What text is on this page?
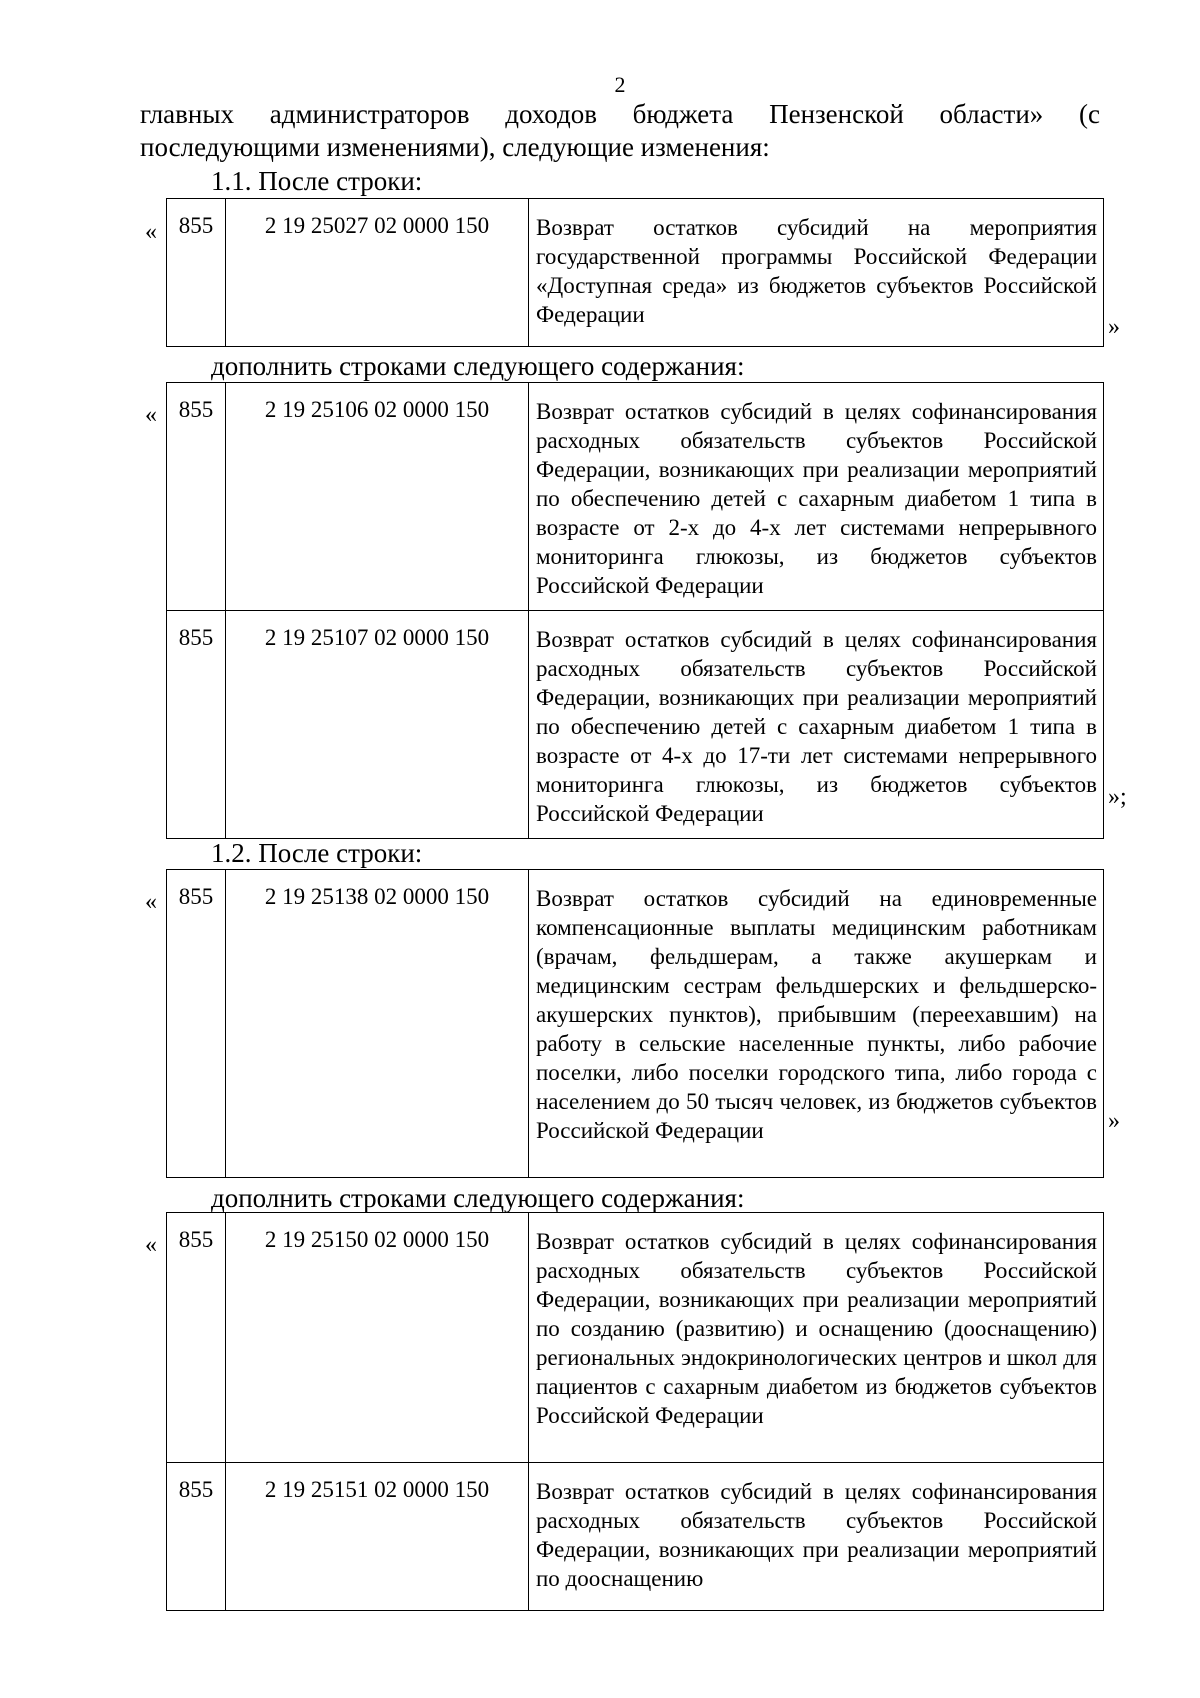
2
главных администраторов доходов бюджета Пензенской области» (с
последующими изменениями), следующие изменения:
1.1. После строки:
« 855	2 19 25027 02 0000 150	Возврат остатков субсидий на мероприятия государственной программы Российской Федерации «Доступная среда» из бюджетов субъектов Российской Федерации	»
дополнить строками следующего содержания:
« 855	2 19 25106 02 0000 150	Возврат остатков субсидий в целях софинансирования расходных обязательств субъектов Российской Федерации, возникающих при реализации мероприятий по обеспечению детей с сахарным диабетом 1 типа в возрасте от 2-х до 4-х лет системами непрерывного мониторинга глюкозы, из бюджетов субъектов Российской Федерации
855	2 19 25107 02 0000 150	Возврат остатков субсидий в целях софинансирования расходных обязательств субъектов Российской Федерации, возникающих при реализации мероприятий по обеспечению детей с сахарным диабетом 1 типа в возрасте от 4-х до 17-ти лет системами непрерывного мониторинга глюкозы, из бюджетов субъектов Российской Федерации
»;
1.2. После строки:
« 855	2 19 25138 02 0000 150	Возврат остатков субсидий на единовременные компенсационные выплаты медицинским работникам (врачам, фельдшерам, а также акушеркам и медицинским сестрам фельдшерских и фельдшерско-акушерских пунктов), прибывшим (переехавшим) на работу в сельские населенные пункты, либо рабочие поселки, либо поселки городского типа, либо города с населением до 50 тысяч человек, из бюджетов субъектов Российской Федерации	»
дополнить строками следующего содержания:
« 855	2 19 25150 02 0000 150	Возврат остатков субсидий в целях софинансирования расходных обязательств субъектов Российской Федерации, возникающих при реализации мероприятий по созданию (развитию) и оснащению (дооснащению) региональных эндокринологических центров и школ для пациентов с сахарным диабетом из бюджетов субъектов Российской Федерации
855	2 19 25151 02 0000 150	Возврат остатков субсидий в целях софинансирования расходных обязательств субъектов Российской Федерации, возникающих при реализации мероприятий по дооснащению
